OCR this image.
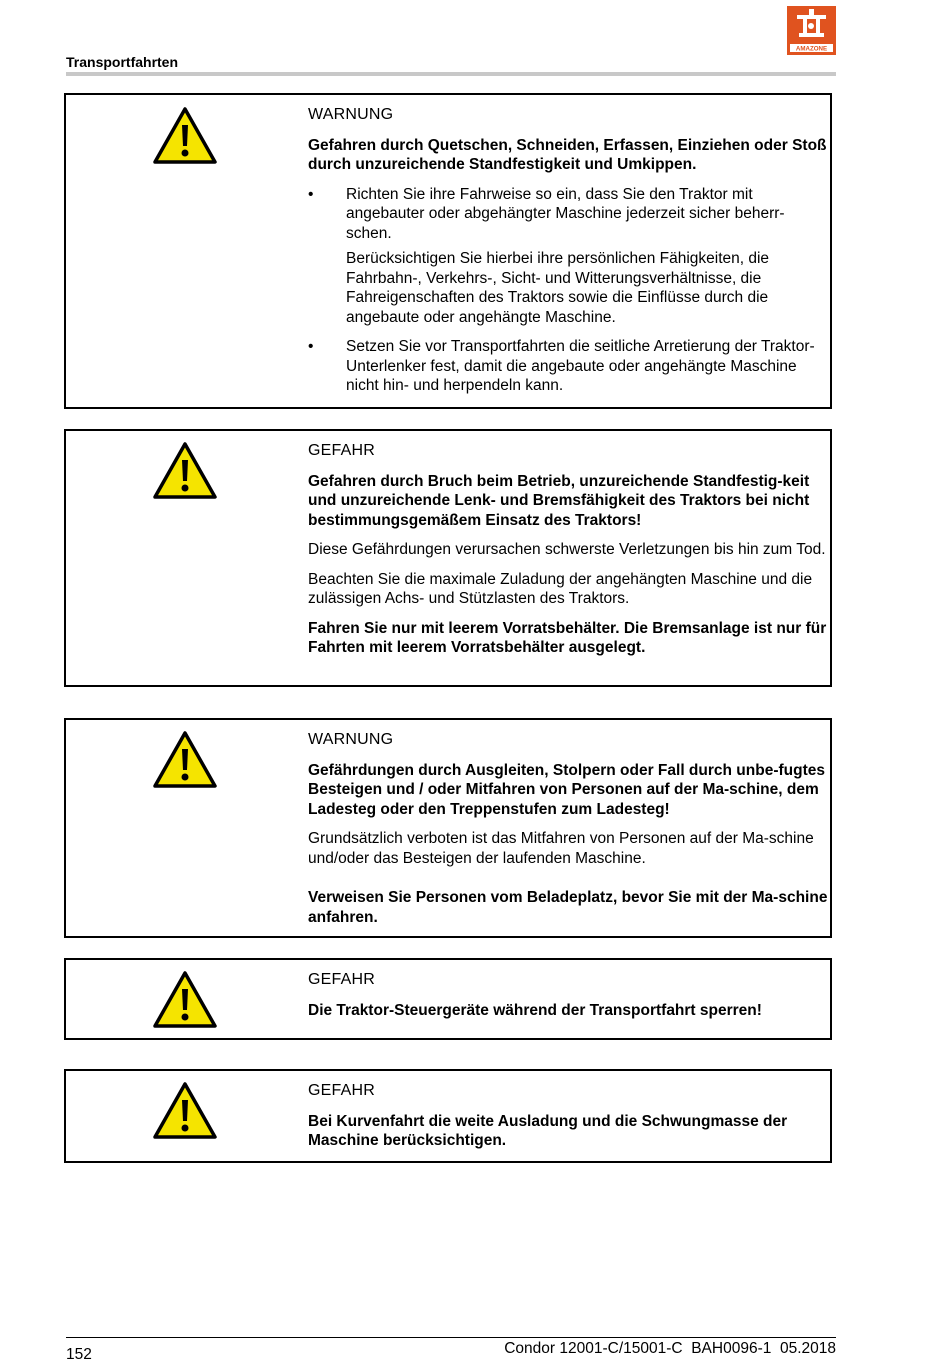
Transportfahrten
AMAZONE
WARNUNG
Gefahren durch Quetschen, Schneiden, Erfassen, Einziehen oder Stoß durch unzureichende Standfestigkeit und Umkippen.
• Richten Sie ihre Fahrweise so ein, dass Sie den Traktor mit angebauter oder abgehängter Maschine jederzeit sicher beherr-schen.

Berücksichtigen Sie hierbei ihre persönlichen Fähigkeiten, die Fahrbahn-, Verkehrs-, Sicht- und Witterungsverhältnisse, die Fahreigenschaften des Traktors sowie die Einflüsse durch die angebaute oder angehängte Maschine.

• Setzen Sie vor Transportfahrten die seitliche Arretierung der Traktor-Unterlenker fest, damit die angebaute oder angehängte Maschine nicht hin- und herpendeln kann.

GEFAHR
Gefahren durch Bruch beim Betrieb, unzureichende Standfestig-keit und unzureichende Lenk- und Bremsfähigkeit des Traktors bei nicht bestimmungsgemäßem Einsatz des Traktors!

Diese Gefährdungen verursachen schwerste Verletzungen bis hin zum Tod.

Beachten Sie die maximale Zuladung der angehängten Maschine und die zulässigen Achs- und Stützlasten des Traktors.

Fahren Sie nur mit leerem Vorratsbehälter. Die Bremsanlage ist nur für Fahrten mit leerem Vorratsbehälter ausgelegt.
WARNUNG
Gefährdungen durch Ausgleiten, Stolpern oder Fall durch unbe-fugtes Besteigen und / oder Mitfahren von Personen auf der Ma-schine, dem Ladesteg oder den Treppenstufen zum Ladesteg!

Grundsätzlich verboten ist das Mitfahren von Personen auf der Ma-schine und/oder das Besteigen der laufenden Maschine.

Verweisen Sie Personen vom Beladeplatz, bevor Sie mit der Ma-schine anfahren.
GEFAHR
Die Traktor-Steuergeräte während der Transportfahrt sperren!
GEFAHR
Bei Kurvenfahrt die weite Ausladung und die Schwungmasse der Maschine berücksichtigen.
152	Condor 12001-C/15001-C  BAH0096-1  05.2018
